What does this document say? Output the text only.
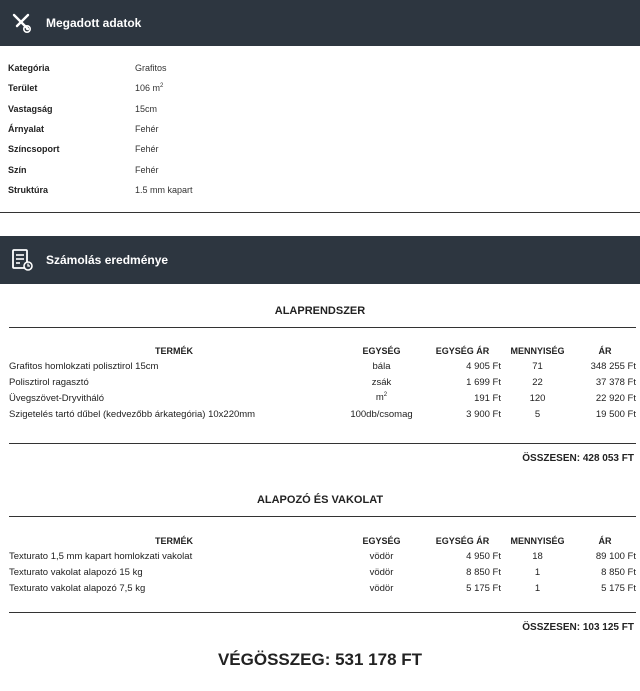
Megadott adatok
Kategória	Grafitos
Terület	106 $m^2$
Vastagság	15cm
Árnyalat	Fehér
Színcsoport	Fehér
Szín	Fehér
Struktúra	1.5 mm kapart
Számolás eredménye
ALAPRENDSZER
TERMÉK	EGYSÉG	EGYSÉG ÁR	MENNYISÉG	ÁR
Grafitos homlokzati polisztirol 15cm	bála	4 905 Ft	71	348 255 Ft
Polisztirol ragasztó	zsák	1 699 Ft	22	37 378 Ft
Üvegszövet-Dryvitháló	$m^2$	191 Ft	120	22 920 Ft
Szigetelés tartó dűbel (kedvezőbb árkategória) 10x220mm	100db/csomag	3 900 Ft	5	19 500 Ft
ÖSSZESEN: 428 053 FT
ALAPOZÓ ÉS VAKOLAT
TERMÉK	EGYSÉG	EGYSÉG ÁR	MENNYISÉG	ÁR
Texturato 1,5 mm kapart homlokzati vakolat	vödör	4 950 Ft	18	89 100 Ft
Texturato vakolat alapozó 15 kg	vödör	8 850 Ft	1	8 850 Ft
Texturato vakolat alapozó 7,5 kg	vödör	5 175 Ft	1	5 175 Ft
ÖSSZESEN: 103 125 FT
VÉGÖSSZEG: 531 178 FT
